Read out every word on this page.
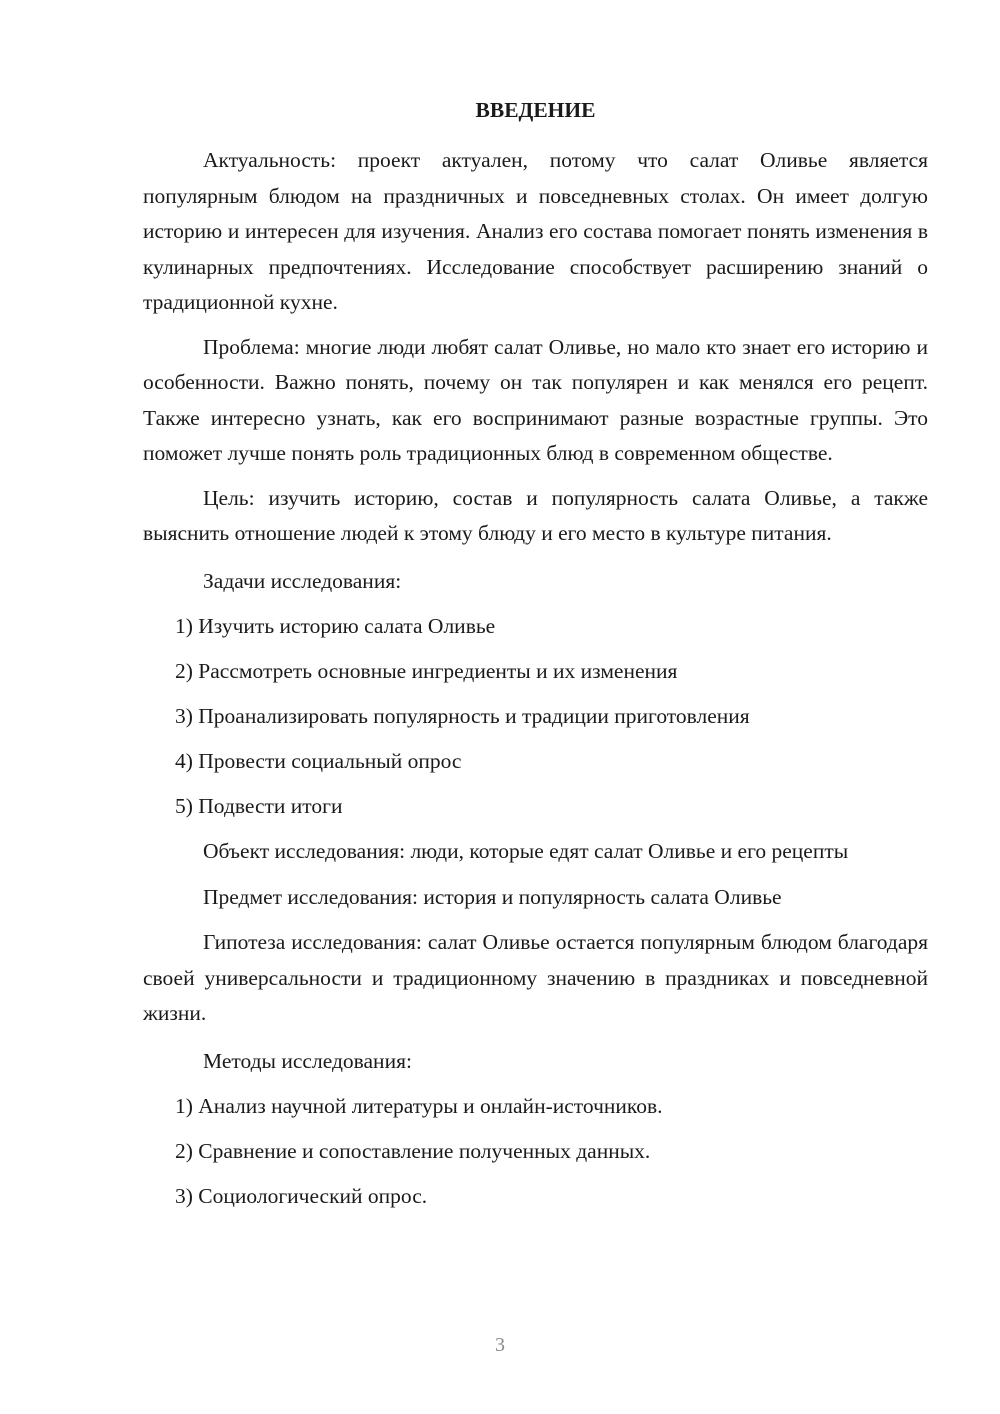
ВВЕДЕНИЕ

Актуальность: проект актуален, потому что салат Оливье является популярным блюдом на праздничных и повседневных столах. Он имеет долгую историю и интересен для изучения. Анализ его состава помогает понять изменения в кулинарных предпочтениях. Исследование способствует расширению знаний о традиционной кухне.

Проблема: многие люди любят салат Оливье, но мало кто знает его историю и особенности. Важно понять, почему он так популярен и как менялся его рецепт. Также интересно узнать, как его воспринимают разные возрастные группы. Это поможет лучше понять роль традиционных блюд в современном обществе.

Цель: изучить историю, состав и популярность салата Оливье, а также выяснить отношение людей к этому блюду и его место в культуре питания.

Задачи исследования:

1) Изучить историю салата Оливье

2) Рассмотреть основные ингредиенты и их изменения

3) Проанализировать популярность и традиции приготовления

4) Провести социальный опрос

5) Подвести итоги

Объект исследования: люди, которые едят салат Оливье и его рецепты

Предмет исследования: история и популярность салата Оливье

Гипотеза исследования: салат Оливье остается популярным блюдом благодаря своей универсальности и традиционному значению в праздниках и повседневной жизни.

Методы исследования:

1) Анализ научной литературы и онлайн-источников.

2) Сравнение и сопоставление полученных данных.

3) Социологический опрос.

3
